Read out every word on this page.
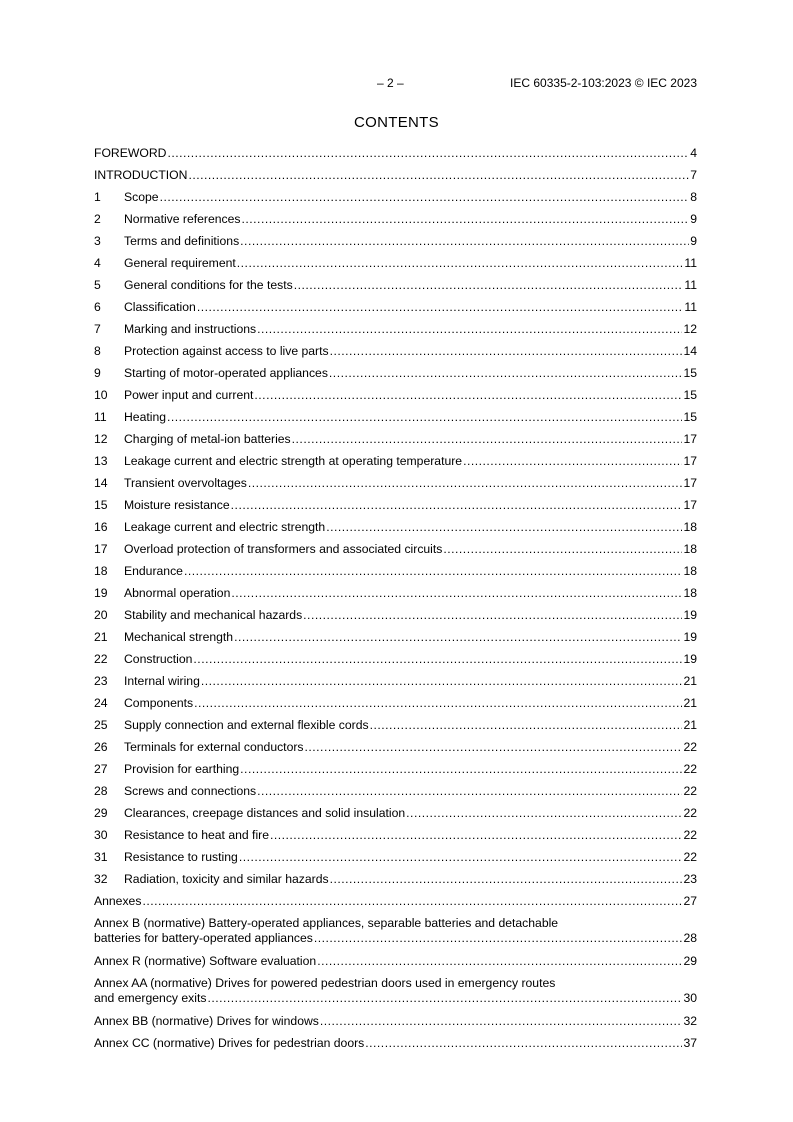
– 2 –	IEC 60335-2-103:2023 © IEC 2023
CONTENTS
FOREWORD .....	4
INTRODUCTION .....	7
1	Scope .....	8
2	Normative references .....	9
3	Terms and definitions .....	9
4	General requirement .....	11
5	General conditions for the tests .....	11
6	Classification .....	11
7	Marking and instructions .....	12
8	Protection against access to live parts .....	14
9	Starting of motor-operated appliances .....	15
10	Power input and current .....	15
11	Heating .....	15
12	Charging of metal-ion batteries .....	17
13	Leakage current and electric strength at operating temperature .....	17
14	Transient overvoltages .....	17
15	Moisture resistance .....	17
16	Leakage current and electric strength .....	18
17	Overload protection of transformers and associated circuits .....	18
18	Endurance .....	18
19	Abnormal operation .....	18
20	Stability and mechanical hazards .....	19
21	Mechanical strength .....	19
22	Construction .....	19
23	Internal wiring .....	21
24	Components .....	21
25	Supply connection and external flexible cords .....	21
26	Terminals for external conductors .....	22
27	Provision for earthing .....	22
28	Screws and connections .....	22
29	Clearances, creepage distances and solid insulation .....	22
30	Resistance to heat and fire .....	22
31	Resistance to rusting .....	22
32	Radiation, toxicity and similar hazards .....	23
Annexes .....	27
Annex B (normative) Battery-operated appliances, separable batteries and detachable
batteries for battery-operated appliances .....	28
Annex R (normative) Software evaluation .....	29
Annex AA (normative) Drives for powered pedestrian doors used in emergency routes
and emergency exits .....	30
Annex BB (normative) Drives for windows .....	32
Annex CC (normative) Drives for pedestrian doors .....	37
